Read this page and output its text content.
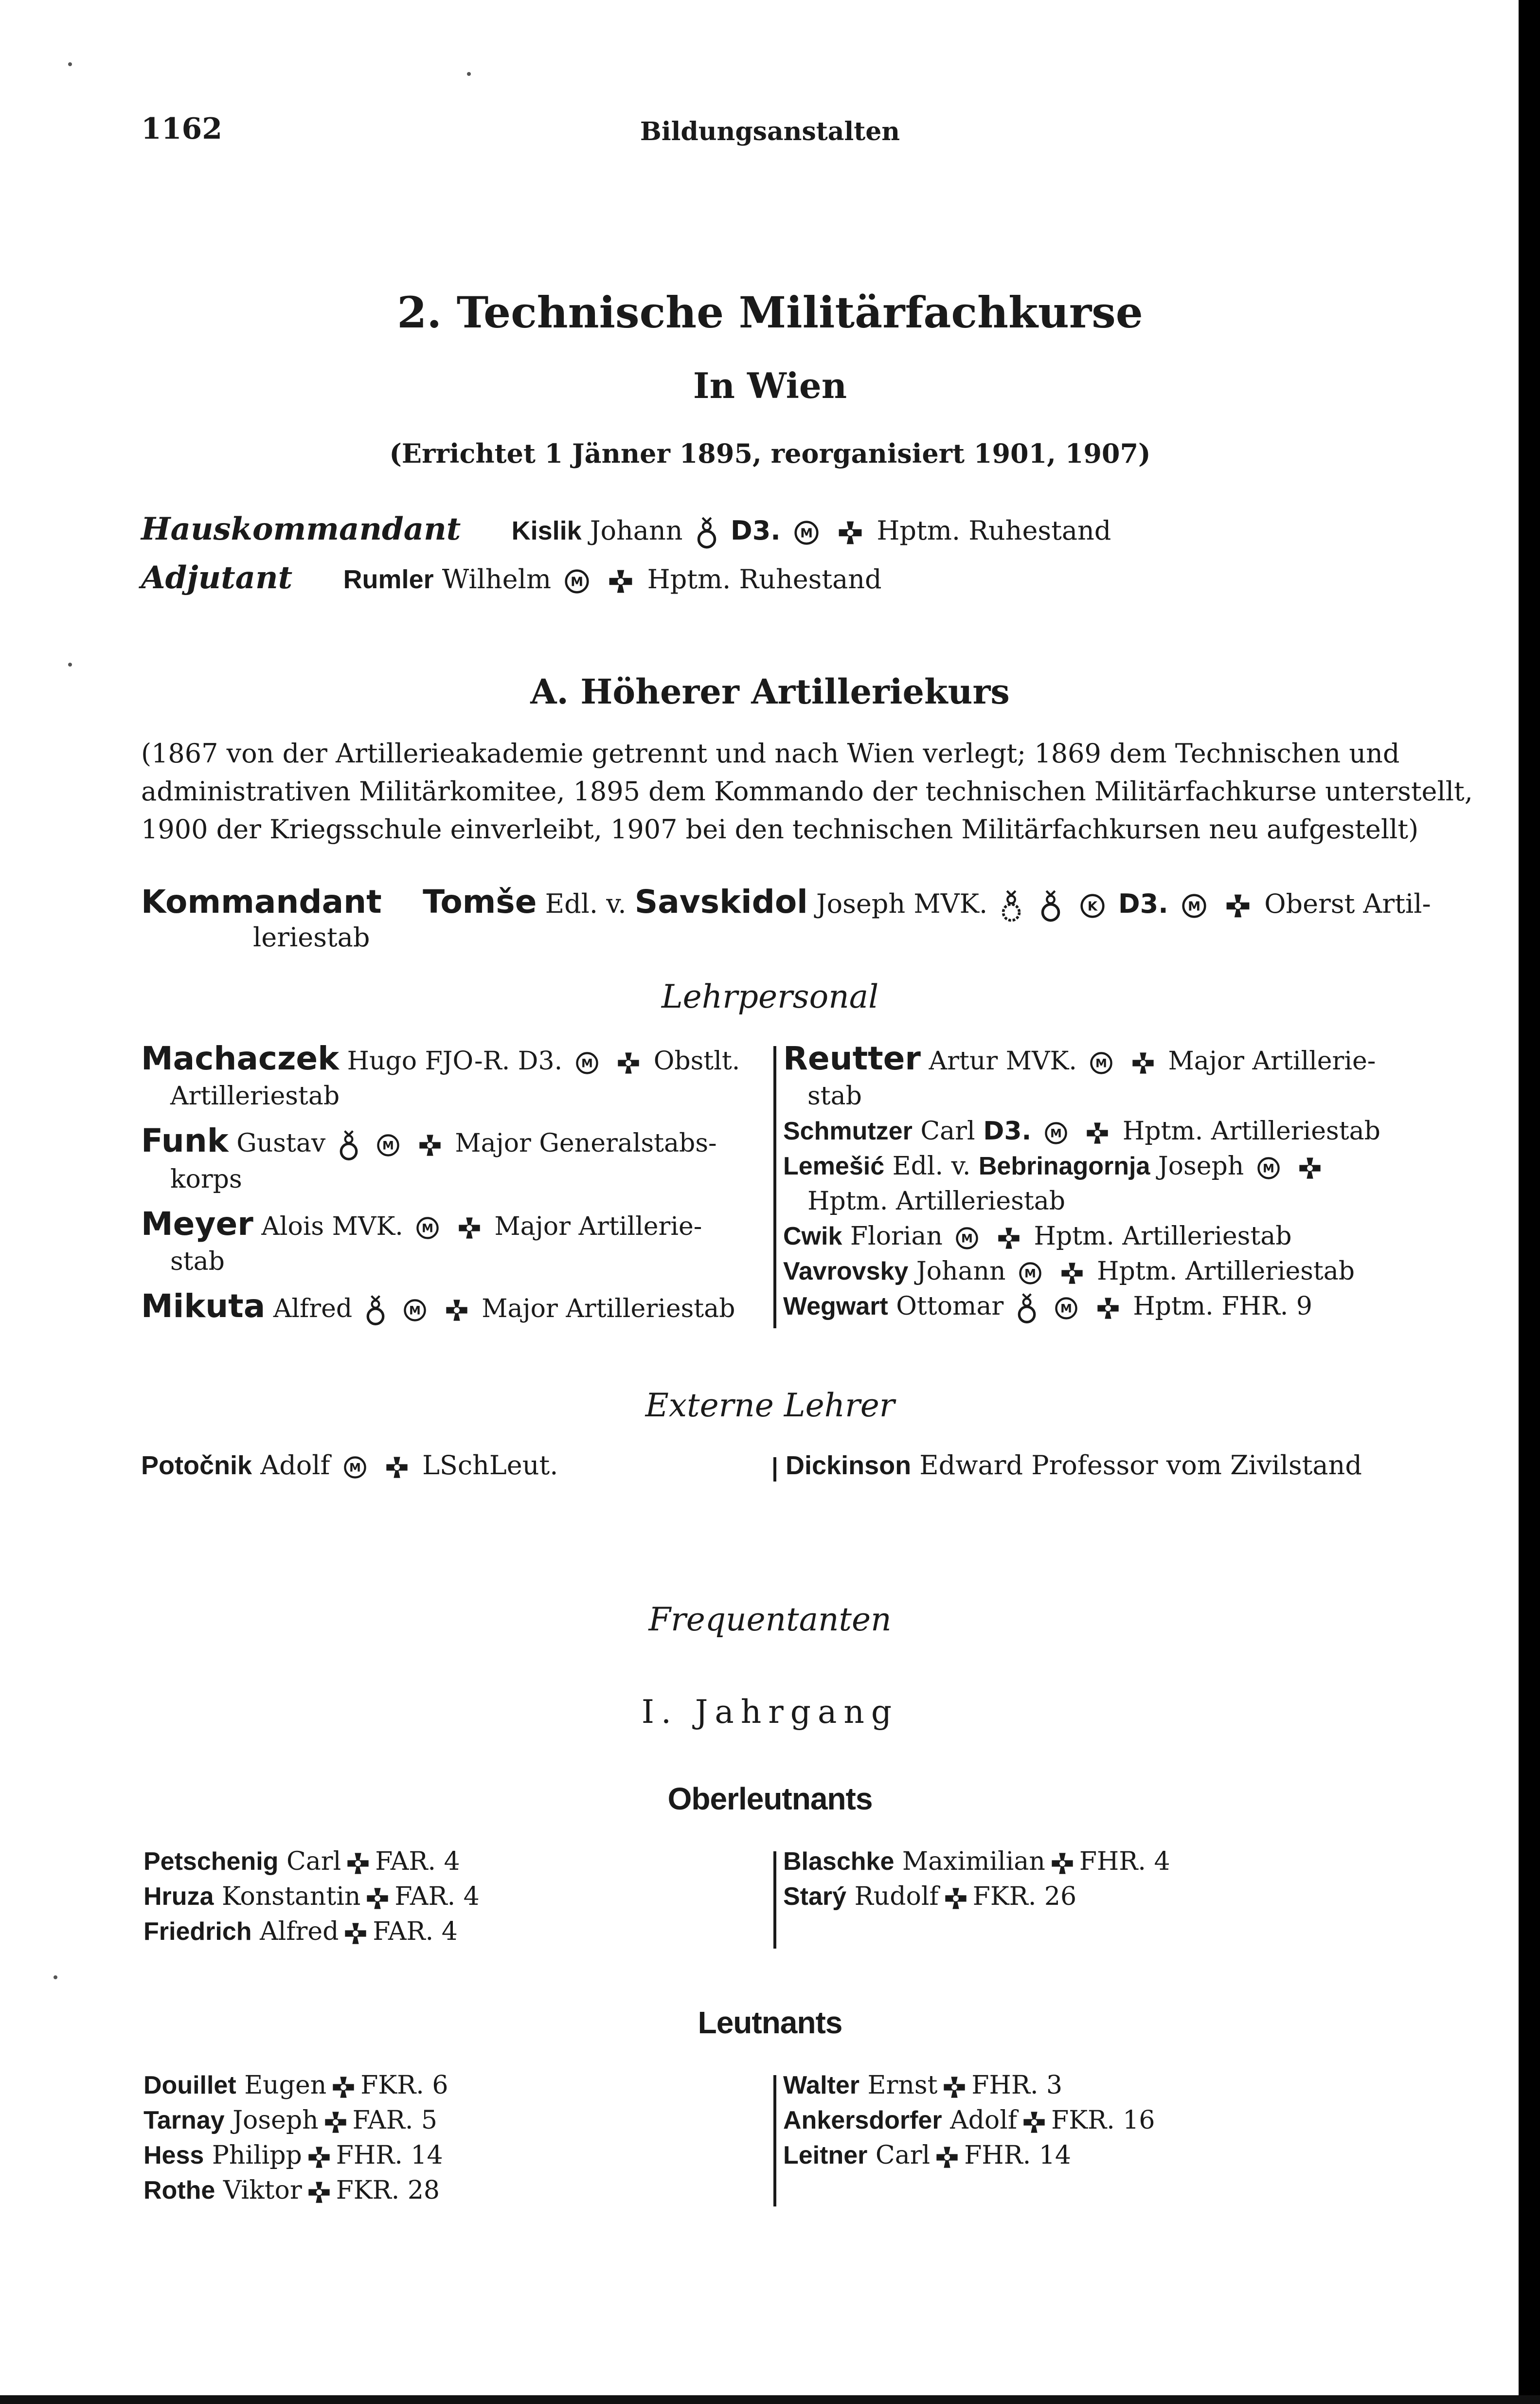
1162	Bildungsanstalten
2. Technische Militärfachkurse
In Wien
(Errichtet 1 Jänner 1895, reorganisiert 1901, 1907)
Hauskommandant Kislik Johann D3.	Hptm. Ruhestand
Adjutant Rumler Wilhelm	Hptm. Ruhestand
A. Höherer Artilleriekurs
(1867 von der Artillerieakademie getrennt und nach Wien verlegt; 1869 dem Technischen und
administrativen Militärkomitee, 1895 dem Kommando der technischen Militärfachkurse unterstellt,
1900 der Kriegsschule einverleibt, 1907 bei den technischen Militärfachkursen neu aufgestellt)
Kommandant Tomše Edl. v. Savskidol Joseph MVK.	D3.	Oberst Artil-
leriestab
Lehrpersonal
Machaczek Hugo FJO-R. D3.	Obstlt.
Artilleriestab
Funk Gustav	Major Generalstabs-
korps
Meyer Alois MVK.	Major Artillerie-
stab
Mikuta Alfred	Major Artilleriestab
Reutter Artur MVK.	Major Artillerie-
stab
Schmutzer Carl D3.	Hptm. Artilleriestab
Lemešić Edl. v. Bebrinagornja Joseph
Hptm. Artilleriestab
Cwik Florian	Hptm. Artilleriestab
Vavrovsky Johann	Hptm. Artilleriestab
Wegwart Ottomar	Hptm. FHR. 9
Externe Lehrer
Potočnik Adolf	LSchLeut.	Dickinson Edward Professor vom Zivilstand
Frequentanten
I. Jahrgang
Oberleutnants
Petschenig Carl FAR. 4
Hruza Konstantin FAR. 4
Friedrich Alfred FAR. 4
Blaschke Maximilian FHR. 4
Starý Rudolf FKR. 26
Leutnants
Douillet Eugen FKR. 6
Tarnay Joseph FAR. 5
Hess Philipp FHR. 14
Rothe Viktor FKR. 28
Walter Ernst FHR. 3
Ankersdorfer Adolf FKR. 16
Leitner Carl FHR. 14
